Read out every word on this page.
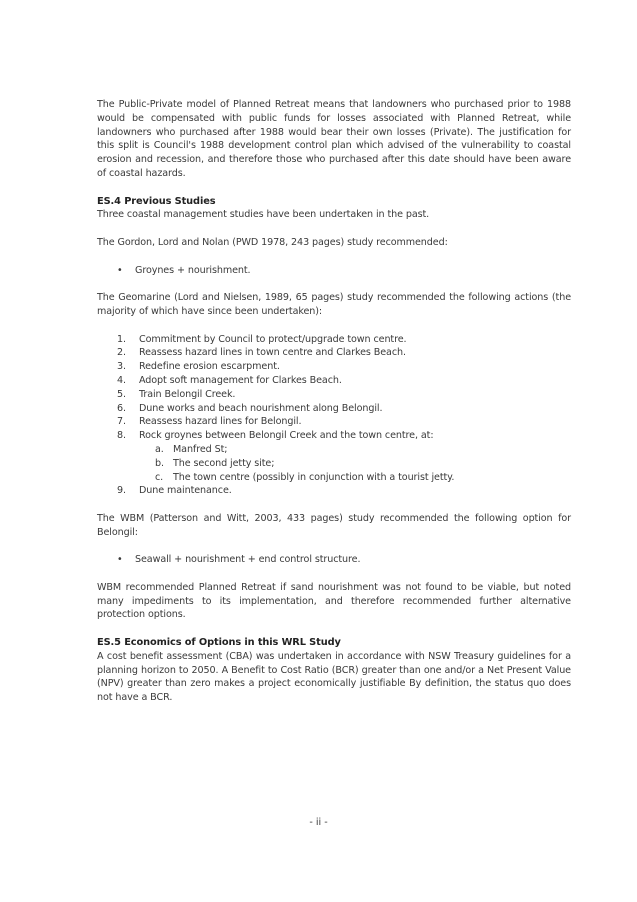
The Public-Private model of Planned Retreat means that landowners who purchased prior to 1988 would be compensated with public funds for losses associated with Planned Retreat, while landowners who purchased after 1988 would bear their own losses (Private). The justification for this split is Council's 1988 development control plan which advised of the vulnerability to coastal erosion and recession, and therefore those who purchased after this date should have been aware of coastal hazards.

ES.4 Previous Studies

Three coastal management studies have been undertaken in the past.

The Gordon, Lord and Nolan (PWD 1978, 243 pages) study recommended:

• Groynes + nourishment.

The Geomarine (Lord and Nielsen, 1989, 65 pages) study recommended the following actions (the majority of which have since been undertaken):

1.	Commitment by Council to protect/upgrade town centre.
2.	Reassess hazard lines in town centre and Clarkes Beach.
3.	Redefine erosion escarpment.
4.	Adopt soft management for Clarkes Beach.
5.	Train Belongil Creek.
6.	Dune works and beach nourishment along Belongil.
7.	Reassess hazard lines for Belongil.
8.	Rock groynes between Belongil Creek and the town centre, at:
a. Manfred St;
b. The second jetty site;
c.	The town centre (possibly in conjunction with a tourist jetty.
9.	Dune maintenance.

The WBM (Patterson and Witt, 2003, 433 pages) study recommended the following option for Belongil:

• Seawall + nourishment + end control structure.

WBM recommended Planned Retreat if sand nourishment was not found to be viable, but noted many impediments to its implementation, and therefore recommended further alternative protection options.

ES.5 Economics of Options in this WRL Study

A cost benefit assessment (CBA) was undertaken in accordance with NSW Treasury guidelines for a planning horizon to 2050. A Benefit to Cost Ratio (BCR) greater than one and/or a Net Present Value (NPV) greater than zero makes a project economically justifiable By definition, the status quo does not have a BCR.

- ii -
